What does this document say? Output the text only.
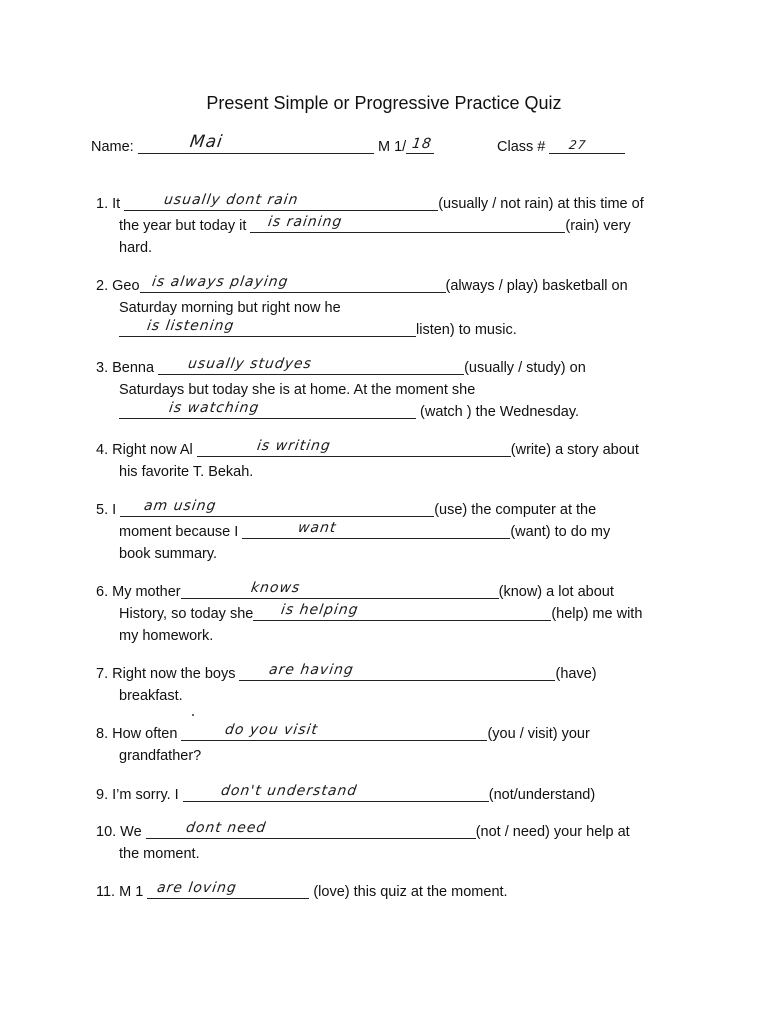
Present Simple or Progressive Practice Quiz
Name:	Mai	M 1/ 18	Class # 27
1. It	usually dont rain	(usually / not rain) at this time of
the year but today it is raining	(rain) very
hard.
2. Geo is always playing	(always / play) basketball on
Saturday morning but right now he
is listening	listen) to music.
3. Benna usually studyes	(usually / study) on
Saturdays but today she is at home. At the moment she
is watching	(watch ) the Wednesday.
4. Right now Al	is writing	(write) a story about
his favorite T. Bekah.
5. I am using	(use) the computer at the
moment because I	want	(want) to do my
book summary.
6. My mother	knows	(know) a lot about
History, so today she is helping	(help) me with
my homework.
7. Right now the boys are having	(have)
breakfast.
8. How often	do you visit	(you / visit) your
grandfather?
9. I’m sorry. I	don't understand	(not/understand)
10. We	dont need	(not / need) your help at
the moment.
11. M 1 are loving	(love) this quiz at the moment.
